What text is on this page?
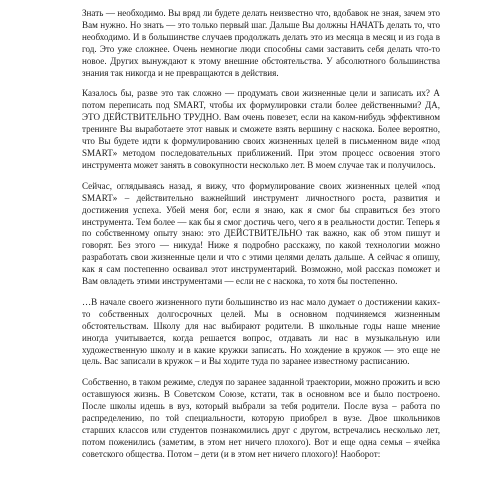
Знать — необходимо. Вы вряд ли будете делать неизвестно что, вдобавок не зная, зачем это Вам нужно. Но знать — это только первый шаг. Дальше Вы должны НАЧАТЬ делать то, что необходимо. И в большинстве случаев продолжать делать это из месяца в месяц и из года в год. Это уже сложнее. Очень немногие люди способны сами заставить себя делать что-то новое. Других вынуждают к этому внешние обстоятельства. У абсолютного большинства знания так никогда и не превращаются в действия.

Казалось бы, разве это так сложно — продумать свои жизненные цели и записать их? А потом переписать под SMART, чтобы их формулировки стали более действенными? ДА, ЭТО ДЕЙСТВИТЕЛЬНО ТРУДНО. Вам очень повезет, если на каком-нибудь эффективном тренинге Вы выработаете этот навык и сможете взять вершину с наскока. Более вероятно, что Вы будете идти к формулированию своих жизненных целей в письменном виде «под SMART» методом последовательных приближений. При этом процесс освоения этого инструмента может занять в совокупности несколько лет. В моем случае так и получилось.

Сейчас, оглядываясь назад, я вижу, что формулирование своих жизненных целей «под SMART» – действительно важнейший инструмент личностного роста, развития и достижения успеха. Убей меня бог, если я знаю, как я смог бы справиться без этого инструмента. Тем более — как бы я смог достичь чего, чего я в реальности достиг. Теперь я по собственному опыту знаю: это ДЕЙСТВИТЕЛЬНО так важно, как об этом пишут и говорят. Без этого — никуда! Ниже я подробно расскажу, по какой технологии можно разработать свои жизненные цели и что с этими целями делать дальше. А сейчас я опишу, как я сам постепенно осваивал этот инструментарий. Возможно, мой рассказ поможет и Вам овладеть этими инструментами — если не с наскока, то хотя бы постепенно.

…В начале своего жизненного пути большинство из нас мало думает о достижении каких-то собственных долгосрочных целей. Мы в основном подчиняемся жизненным обстоятельствам. Школу для нас выбирают родители. В школьные годы наше мнение иногда учитывается, когда решается вопрос, отдавать ли нас в музыкальную или художественную школу и в какие кружки записать. Но хождение в кружок — это еще не цель. Вас записали в кружок – и Вы ходите туда по заранее известному расписанию.

Собственно, в таком режиме, следуя по заранее заданной траектории, можно прожить и всю оставшуюся жизнь. В Советском Союзе, кстати, так в основном все и было построено. После школы идешь в вуз, который выбрали за тебя родители. После вуза – работа по распределению, по той специальности, которую приобрел в вузе. Двое школьников старших классов или студентов познакомились друг с другом, встречались несколько лет, потом поженились (заметим, в этом нет ничего плохого). Вот и еще одна семья – ячейка советского общества. Потом – дети (и в этом нет ничего плохого)! Наоборот:
